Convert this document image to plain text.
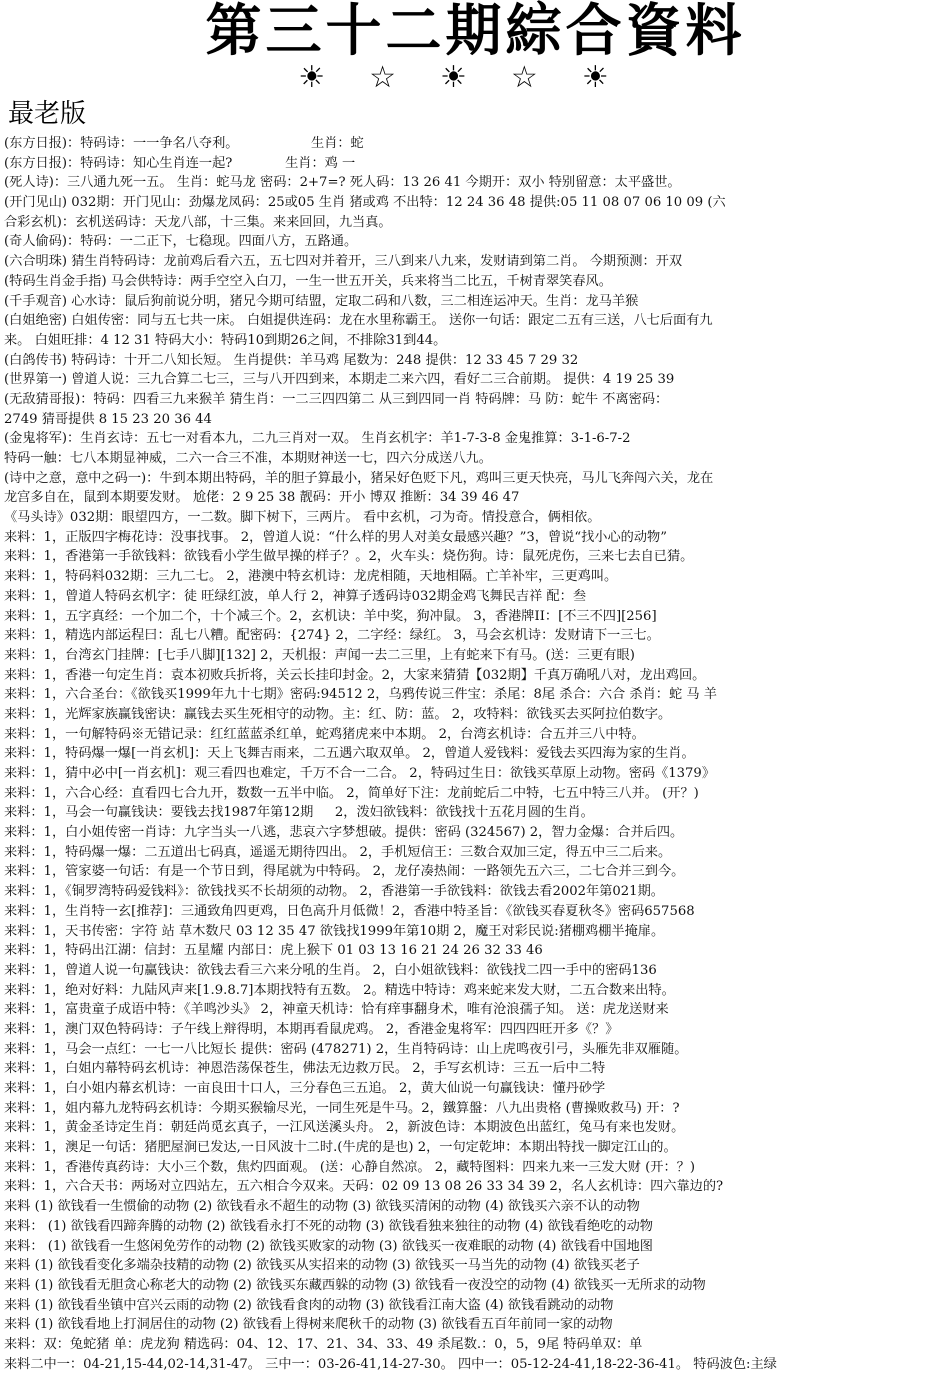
第三十二期綜合資料
☀☆☀☆☀
最老版
(东方日报)：特码诗：一一争名八夺利。　　　　　　生肖：蛇
(东方日报)：特码诗：知心生肖连一起?　　　　生肖：鸡 一
(死人诗)：三八通九死一五。 生肖：蛇马龙 密码：2+7=? 死人码：13 26 41 今期开：双小 特别留意：太平盛世。
(开门见山) 032期：开门见山：劲爆龙凤码：25或05 生肖 猪或鸡 不出特：12 24 36 48 提供:05 11 08 07 06 10 09 (六
合彩玄机)：玄机送码诗：天龙八部，十三集。来来回回，九当真。
(奇人偷码)：特码：一二正下，七稳现。四面八方，五路通。
(六合明珠) 猜生肖特码诗：龙前鸡后看六五，五七四对并着开，三八到来八九来，发财请到第二肖。 今期预测：开双
(特码生肖金手指) 马会供特诗：两手空空入白刀，一生一世五开关，兵来将当二比五，千树青翠笑春风。
(千手观音) 心水诗：鼠后狗前说分明，猪兄今期可结盟，定取二码和八数，三二相连运冲天。生肖：龙马羊猴
(白姐绝密) 白姐传密：同与五七共一床。 白姐提供连码：龙在水里称霸王。 送你一句话：跟定二五有三送，八七后面有九
来。 白姐旺排：4 12 31 特码大小：特码10到期26之间，不排除31到44。
(白鸽传书) 特码诗：十开二八知长短。 生肖提供：羊马鸡 尾数为：248 提供：12 33 45 7 29 32
(世界第一) 曾道人说：三九合算二七三，三与八开四到来，本期走二来六四，看好二三合前期。 提供：4 19 25 39
(无敌猜哥报)：特码：四看三九来猴羊 猜生肖：一二三四四第二 从三到四同一肖 特码牌：马 防：蛇牛 不离密码：
2749 猜哥提供 8 15 23 20 36 44
(金鬼将军)：生肖玄诗：五七一对看本九，二九三肖对一双。 生肖玄机字：羊1-7-3-8 金鬼推算：3-1-6-7-2
特码一触：七八本期显神威，二六一合三不准，本期财神送一七，四六分成送八九。
(诗中之意，意中之码一)：牛到本期出特码，羊的胆子算最小，猪呆好色贬下凡，鸡叫三更天快亮，马儿飞奔闯六关，龙在
龙宫多自在，鼠到本期要发财。 尬佬：2 9 25 38 靓码：开小 博双 推断：34 39 46 47
《马头诗》032期：眼望四方，一二数。脚下树下，三两片。 看中玄机，刁为奇。情投意合，俩相依。
来料：1，正版四字梅花诗：没事找事。 2，曾道人说：“什么样的男人对美女最感兴趣？”3，曾说“找小心的动物”
来料：1，香港第一手欲钱料：欲钱看小学生做早操的样子？。2，火车头：烧伤狗。诗：鼠死虎伤，三来七去自已猜。
来料：1，特码料032期：三九二七。 2，港澳中特玄机诗：龙虎相随，天地相隔。亡羊补牢，三更鸡叫。
来料：1，曾道人特码玄机字：徒 旺绿红波，单人行 2，神算子透码诗032期金鸡飞舞民吉祥 配：叁
来料：1，五字真经：一个加二个，十个减三个。2，玄机诀：羊中奖，狗冲鼠。 3，香港牌II：[不三不四][256]
来料：1，精选内部运程曰：乱七八糟。配密码：{274} 2，二字经：绿红。 3，马会玄机诗：发财请下一三七。
来料：1，台湾玄门挂牌：[七手八脚][132] 2，天机报：声闻一去二三里，上有蛇来下有马。(送：三更有眼)
来料：1，香港一句定生肖：袁本初败兵折将，关云长挂印封金。2，大家来猜猜【032期】千真万确吼八对，龙出鸡回。
来料：1，六合圣台：《欲钱买1999年九十七期》密码:94512 2，乌鸦传说三件宝：杀尾：8尾 杀合：六合 杀肖：蛇 马 羊
来料：1，光辉家族赢钱密诀：赢钱去买生死相守的动物。主：红、防：蓝。 2，攻特料：欲钱买去买阿拉伯数字。
来料：1，一句解特码※无错记录：红红蓝蓝杀红单，蛇鸡猪虎来中本期。 2，台湾玄机诗：合五并三八中特。
来料：1，特码爆一爆[一肖玄机]：天上飞舞吉雨来，二五遇六取双单。 2，曾道人爱钱料：爱钱去买四海为家的生肖。
来料：1，猜中必中[一肖玄机]：观三看四也难定，千万不合一二合。 2，特码过生日：欲钱买草原上动物。密码《1379》
来料：1，六合心经：直看四七合九开，数数一五半中临。 2，简单好下注：龙前蛇后二中特，七五中特三八并。 (开？)
来料：1，马会一句赢钱诀：要钱去找1987年第12期 　 2，泼妇欲钱料：欲钱找十五花月圆的生肖。
来料：1，白小姐传密一肖诗：九字当头一八逃，悲哀六字梦想破。提供：密码 (324567) 2，智力金爆：合并后四。
来料：1，特码爆一爆：二五道出七码真，遥遥无期待四出。 2，手机短信王：三数合双加三定，得五中三二后来。
来料：1，管家婆一句话：有是一个节日到，得尾就为中特码。 2，龙仔凑热闹：一路领先五六三，二七合并三到今。
来料：1，《铜罗湾特码爱钱料》：欲钱找买不长胡须的动物。 2，香港第一手欲钱料：欲钱去看2002年第021期。
来料：1，生肖特一玄[推荐]：三通致角四更鸡，日色高升月低微！2，香港中特圣旨：《欲钱买春夏秋冬》密码657568
来料：1，天书传密：字符 站 草木数尺 03 12 35 47 欲钱找1999年第10期 2，魔王对彩民说:猪棚鸡棚半掩扉。
来料：1，特码出江湖：信封：五星耀 内部日：虎上猴下 01 03 13 16 21 24 26 32 33 46
来料：1，曾道人说一句赢钱诀：欲钱去看三六来分吼的生肖。 2，白小姐欲钱料：欲钱找二四一手中的密码136
来料：1，绝对好料：九陆风声来[1.9.8.7]本期找特有五数。 2。精选中特诗：鸡来蛇来发大财，二五合数来出特。
来料：1，富贵童子成语中特：《羊鸣沙头》 2，神童天机诗：恰有痒事翻身术，唯有沧浪孺子知。 送：虎龙送财来
来料：1，澳门双色特码诗：子午线上辩得明，本期再看鼠虎鸡。 2，香港金鬼将军：四四四旺开多《？》
来料：1，马会一点红：一七一八比短长 提供：密码 (478271) 2，生肖特码诗：山上虎鸣夜引弓，头雁先非双雁随。
来料：1，白姐内幕特码玄机诗：神恩浩荡保苍生，佛法无边救万民。 2，手写玄机诗：三五一后中二特
来料：1，白小姐内幕玄机诗：一亩良田十口人，三分春色三五追。 2，黄大仙说一句赢钱诀：懂丹砂学
来料：1，姐内幕九龙特码玄机诗：今期买猴输尽光，一同生死是牛马。2，鐵算盤：八九出贵格 (曹操败救马) 开：?
来料：1，黄金圣诗定生肖：朝廷尚觅玄真子，一江风送溪头舟。 2，新波色诗：本期波色出蓝红，兔马有来也发财。
来料：1，澳足一句话：猪肥屋涧已发达,一日风波十二时.(牛虎的是也) 2，一句定乾坤：本期出特找一脚定江山的。
来料：1，香港传真药诗：大小三个数，焦灼四面观。 (送：心静自然凉。 2，藏特图料：四来九来一三发大财 (开：？)
来料：1，六合天书：两场对立四站左，五六相合今双来。天码：02 09 13 08 26 33 34 39 2，名人玄机诗：四六靠边的?
来料 (1) 欲钱看一生惯偷的动物 (2) 欲钱看永不超生的动物 (3) 欲钱买清闲的动物 (4) 欲钱买六亲不认的动物
来料： (1) 欲钱看四蹄奔腾的动物 (2) 欲钱看永打不死的动物 (3) 欲钱看独来独往的动物 (4) 欲钱看绝吃的动物
来料： (1) 欲钱看一生悠闲免劳作的动物 (2) 欲钱买败家的动物 (3) 欲钱买一夜难眠的动物 (4) 欲钱看中国地图
来料 (1) 欲钱看变化多端杂技精的动物 (2) 欲钱买从实招来的动物 (3) 欲钱买一马当先的动物 (4) 欲钱买老子
来料 (1) 欲钱看无胆贪心称老大的动物 (2) 欲钱买东藏西躲的动物 (3) 欲钱看一夜没空的动物 (4) 欲钱买一无所求的动物
来料 (1) 欲钱看坐镇中宫兴云雨的动物 (2) 欲钱看食肉的动物 (3) 欲钱看江南大盗 (4) 欲钱看跳动的动物
来料 (1) 欲钱看地上打洞居住的动物 (2) 欲钱看上得树来爬秋千的动物 (3) 欲钱看五百年前同一家的动物
来料：双：兔蛇猪 单：虎龙狗 精选码：04、12、17、21、34、33、49 杀尾数.：0，5，9尾 特码单双：单
来料二中一：04-21,15-44,02-14,31-47。 三中一：03-26-41,14-27-30。 四中一：05-12-24-41,18-22-36-41。 特码波色:主绿
